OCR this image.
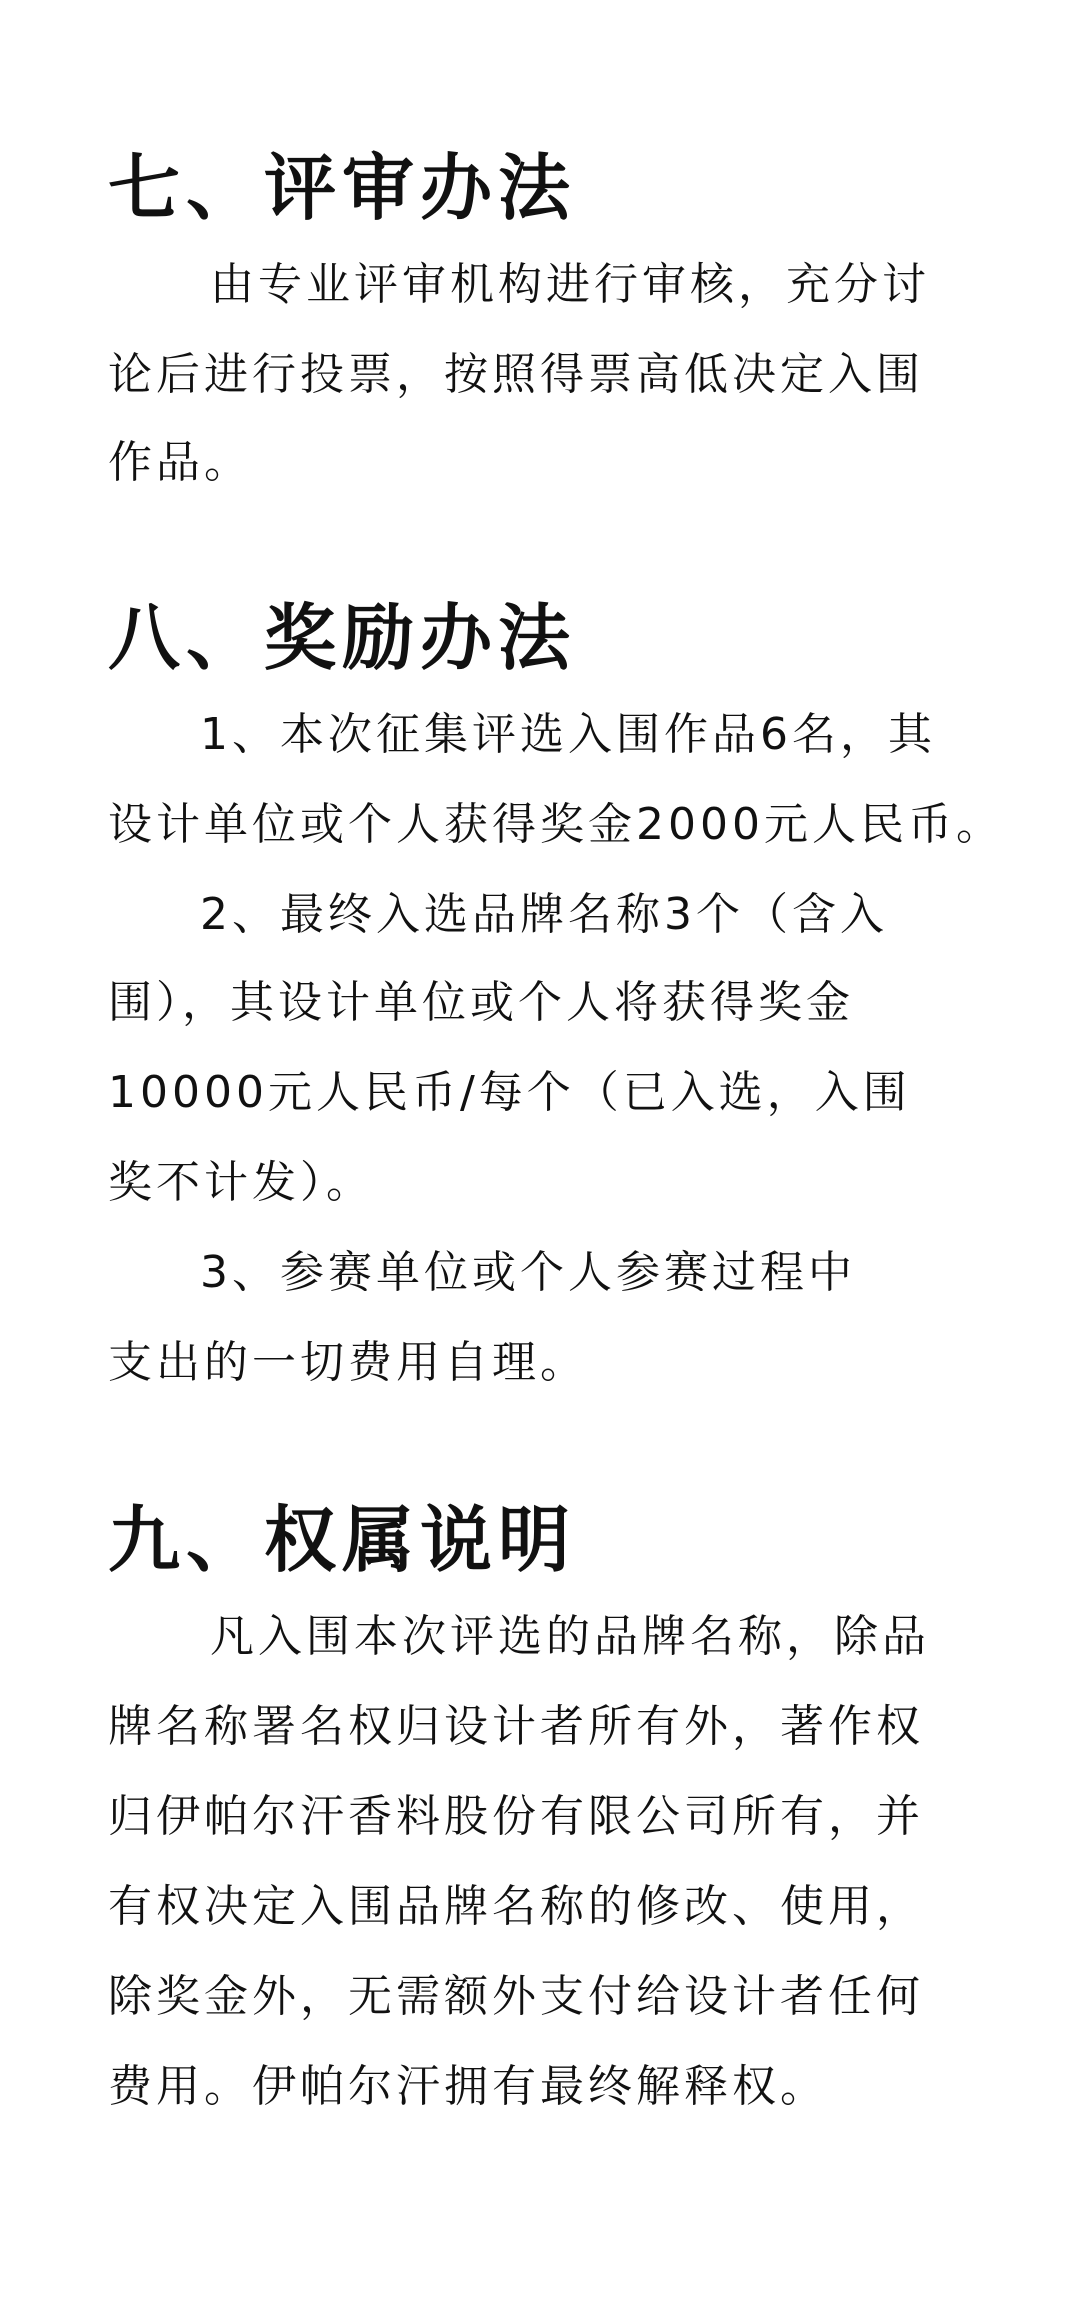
七、评审办法

由专业评审机构进行审核，充分讨

论后进行投票，按照得票高低决定入围

作品。

八、奖励办法

1、本次征集评选入围作品6名，其

设计单位或个人获得奖金2000元人民币。

2、最终入选品牌名称3个（含入

围），其设计单位或个人将获得奖金

10000元人民币/每个（已入选，入围

奖不计发）。

3、参赛单位或个人参赛过程中

支出的一切费用自理。

九、权属说明

凡入围本次评选的品牌名称，除品

牌名称署名权归设计者所有外，著作权

归伊帕尔汗香料股份有限公司所有，并

有权决定入围品牌名称的修改、使用，

除奖金外，无需额外支付给设计者任何

费用。伊帕尔汗拥有最终解释权。
